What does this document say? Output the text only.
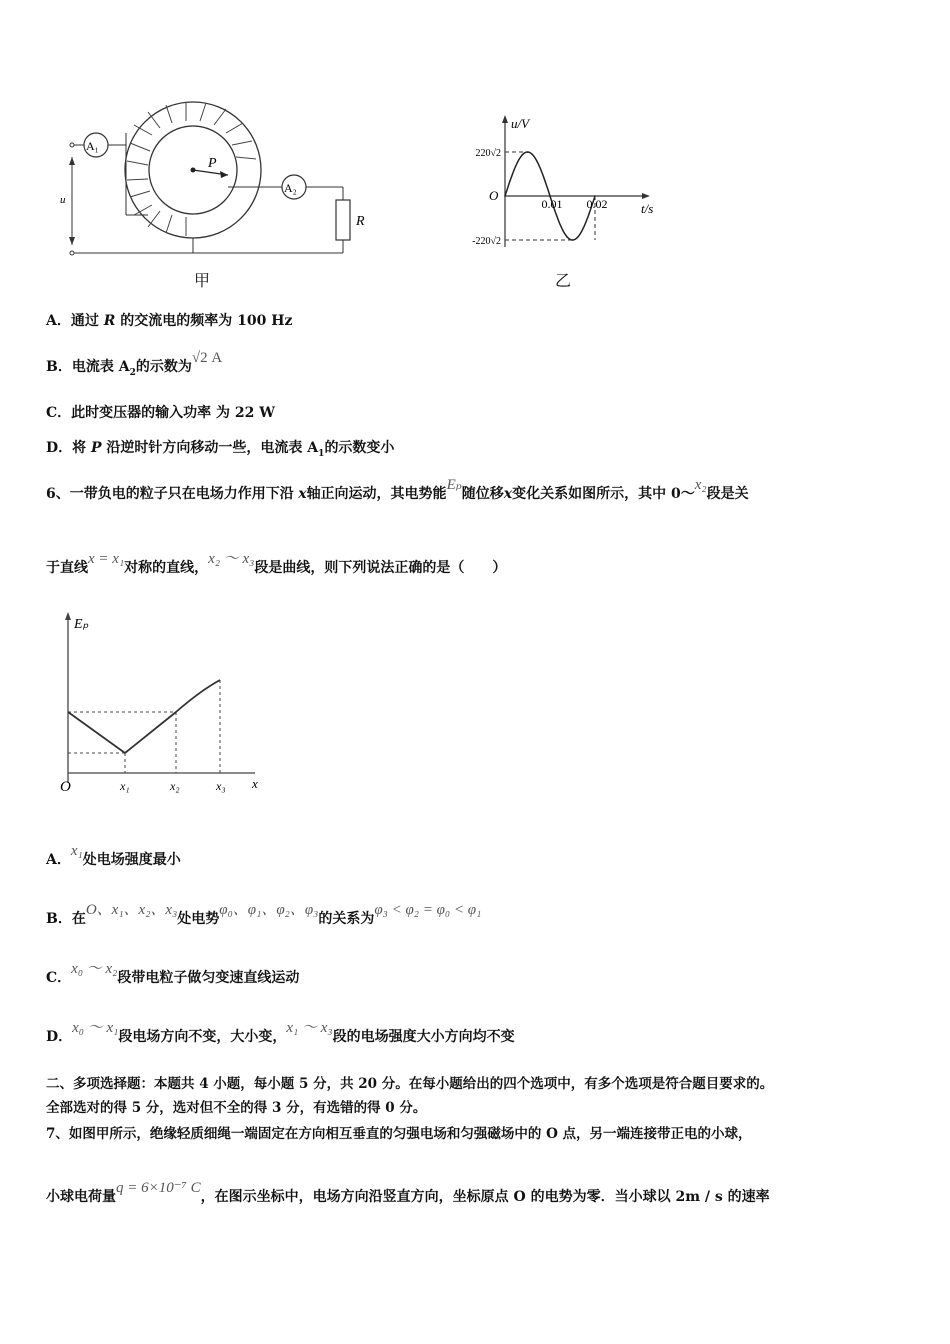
P
A₁
u
A₂
R
甲
u/V
t/s
O
220√2
-220√2
0.01 0.02
乙
A．通过 R 的交流电的频率为 100 Hz
B．电流表 $A_2$的示数为√2 A
C．此时变压器的输入功率 为 22 W
D．将 P 沿逆时针方向移动一些，电流表 $A_1$的示数变小
6、一带负电的粒子只在电场力作用下沿 x轴正向运动，其电势能Eₚ随位移x变化关系如图所示，其中 0～x₂段是关
于直线x = x₁对称的直线，x₂ ～ x₃段是曲线，则下列说法正确的是（　　）
Eₚ
O	x
x₁	x₂	x₃
A．x₁处电场强度最小
B．在O、x₁、x₂、x₃处电势φ₀、φ₁、φ₂、φ₃的关系为φ₃ < φ₂ = φ₀ < φ₁
C．x₀ ～ x₂段带电粒子做匀变速直线运动
D．x₀ ～ x₁段电场方向不变，大小变，x₁ ～ x₃段的电场强度大小方向均不变
二、多项选择题：本题共 4 小题，每小题 5 分，共 20 分。在每小题给出的四个选项中，有多个选项是符合题目要求的。
全部选对的得 5 分，选对但不全的得 3 分，有选错的得 0 分。
7、如图甲所示，绝缘轻质细绳一端固定在方向相互垂直的匀强电场和匀强磁场中的 O 点，另一端连接带正电的小球，
小球电荷量q = 6×10⁻⁷ C，在图示坐标中，电场方向沿竖直方向，坐标原点 O 的电势为零．当小球以 2m / s 的速率
